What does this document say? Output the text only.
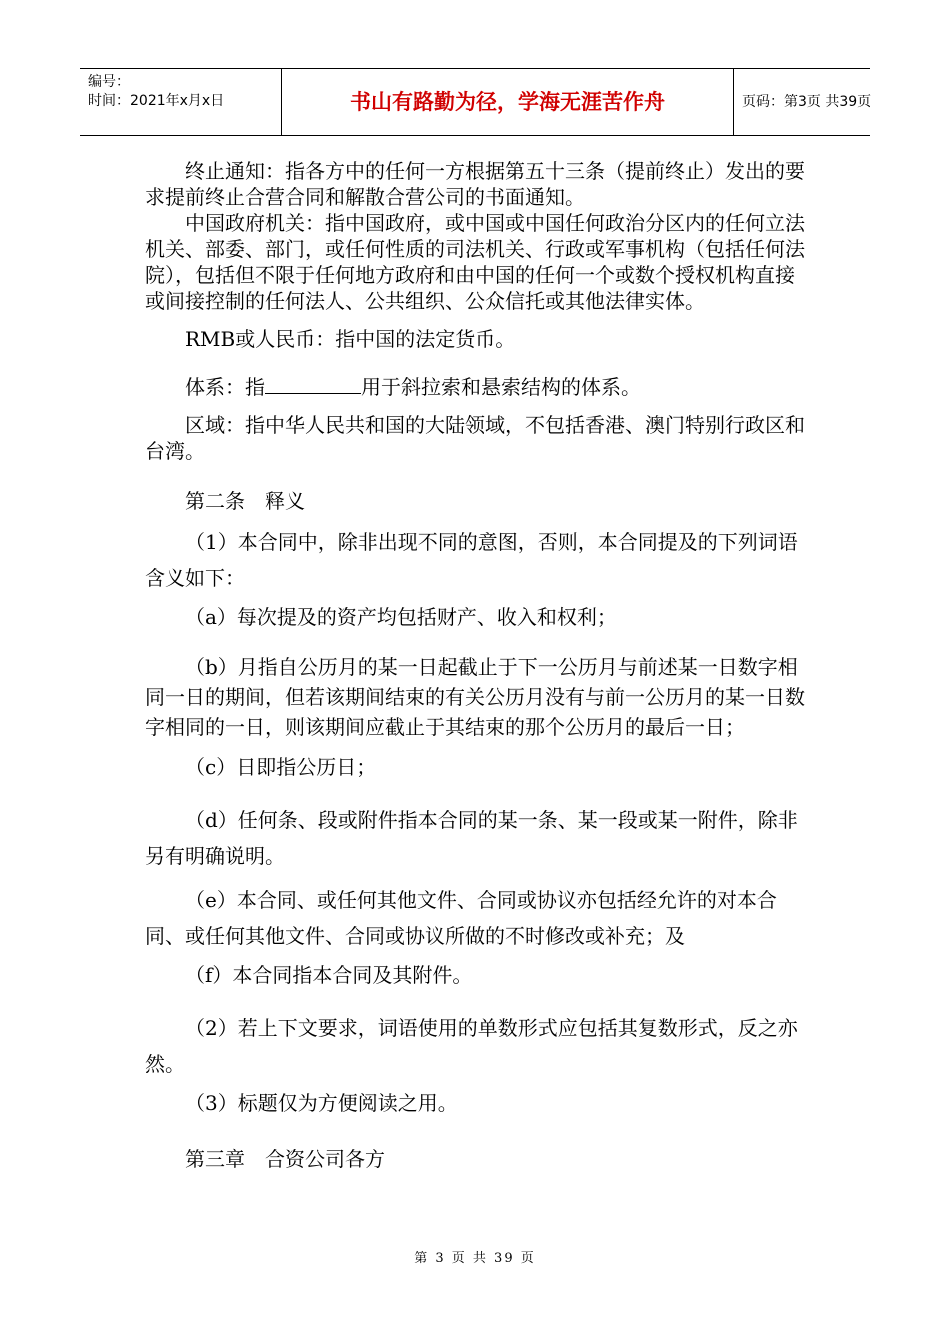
编号：
时间：2021年x月x日	书山有路勤为径，学海无涯苦作舟	页码：第3页 共39页

终止通知：指各方中的任何一方根据第五十三条（提前终止）发出的要求提前终止合营合同和解散合营公司的书面通知。

中国政府机关：指中国政府，或中国或中国任何政治分区内的任何立法机关、部委、部门，或任何性质的司法机关、行政或军事机构（包括任何法院），包括但不限于任何地方政府和由中国的任何一个或数个授权机构直接或间接控制的任何法人、公共组织、公众信托或其他法律实体。

RMB或人民币：指中国的法定货币。

体系：指	用于斜拉索和悬索结构的体系。

区域：指中华人民共和国的大陆领域，不包括香港、澳门特别行政区和台湾。

第二条　释义

（1）本合同中，除非出现不同的意图，否则，本合同提及的下列词语含义如下：

（a）每次提及的资产均包括财产、收入和权利；

（b）月指自公历月的某一日起截止于下一公历月与前述某一日数字相同一日的期间，但若该期间结束的有关公历月没有与前一公历月的某一日数字相同的一日，则该期间应截止于其结束的那个公历月的最后一日；

（c）日即指公历日；

（d）任何条、段或附件指本合同的某一条、某一段或某一附件，除非另有明确说明。

（e）本合同、或任何其他文件、合同或协议亦包括经允许的对本合同、或任何其他文件、合同或协议所做的不时修改或补充；及

（f）本合同指本合同及其附件。

（2）若上下文要求，词语使用的单数形式应包括其复数形式，反之亦然。

（3）标题仅为方便阅读之用。

第三章　合资公司各方

第 3 页 共 39 页
